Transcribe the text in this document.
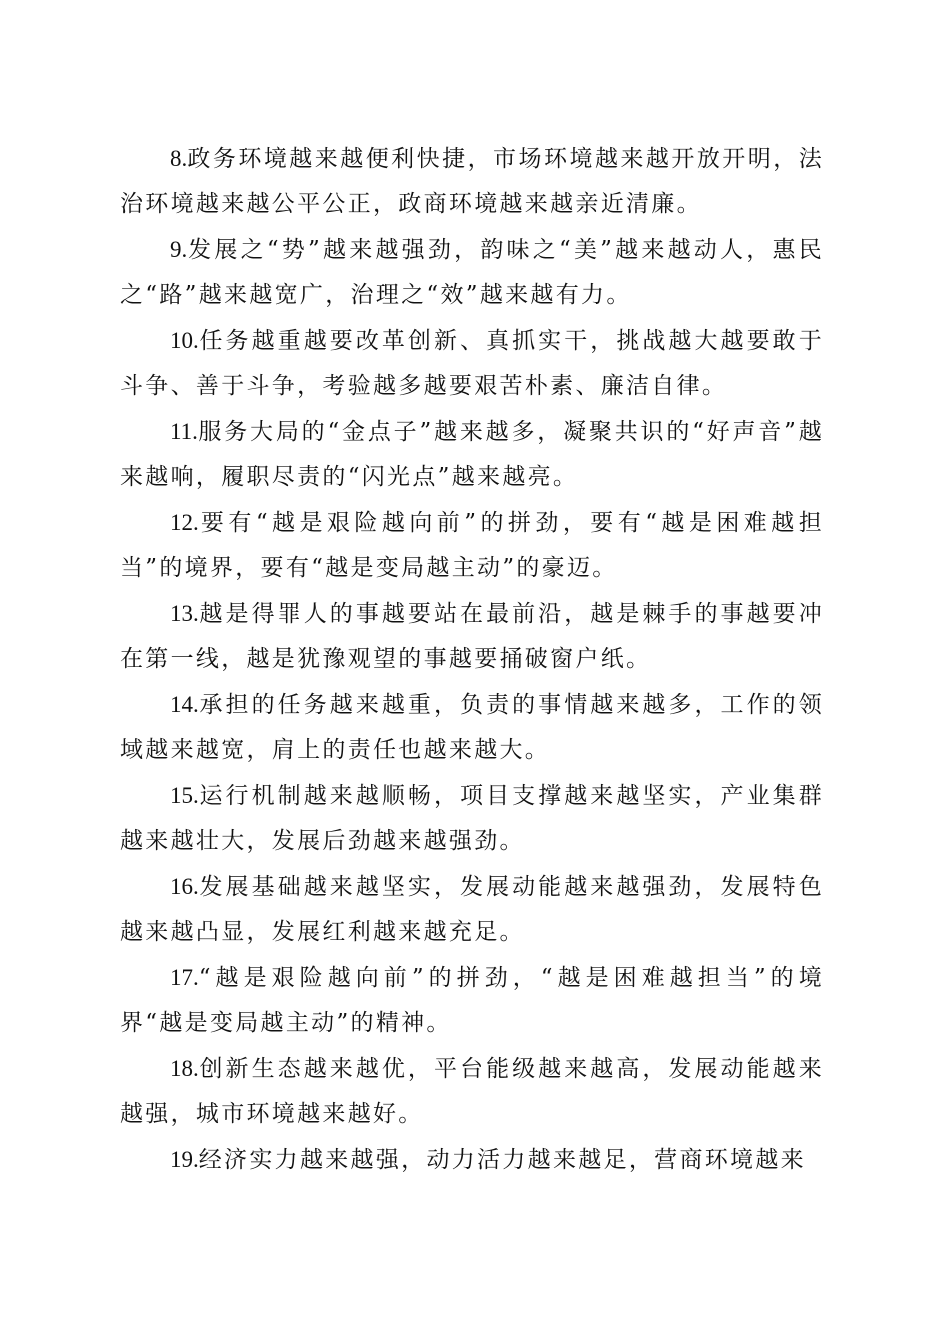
8.政务环境越来越便利快捷，市场环境越来越开放开明，法治环境越来越公平公正，政商环境越来越亲近清廉。

9.发展之“势”越来越强劲，韵味之“美”越来越动人，惠民之“路”越来越宽广，治理之“效”越来越有力。

10.任务越重越要改革创新、真抓实干，挑战越大越要敢于斗争、善于斗争，考验越多越要艰苦朴素、廉洁自律。

11.服务大局的“金点子”越来越多，凝聚共识的“好声音”越来越响，履职尽责的“闪光点”越来越亮。

12.要有“越是艰险越向前”的拼劲，要有“越是困难越担当”的境界，要有“越是变局越主动”的豪迈。

13.越是得罪人的事越要站在最前沿，越是棘手的事越要冲在第一线，越是犹豫观望的事越要捅破窗户纸。

14.承担的任务越来越重，负责的事情越来越多，工作的领域越来越宽，肩上的责任也越来越大。

15.运行机制越来越顺畅，项目支撑越来越坚实，产业集群越来越壮大，发展后劲越来越强劲。

16.发展基础越来越坚实，发展动能越来越强劲，发展特色越来越凸显，发展红利越来越充足。

17.“越是艰险越向前”的拼劲，“越是困难越担当”的境界“越是变局越主动”的精神。

18.创新生态越来越优，平台能级越来越高，发展动能越来越强，城市环境越来越好。

19.经济实力越来越强，动力活力越来越足，营商环境越来
